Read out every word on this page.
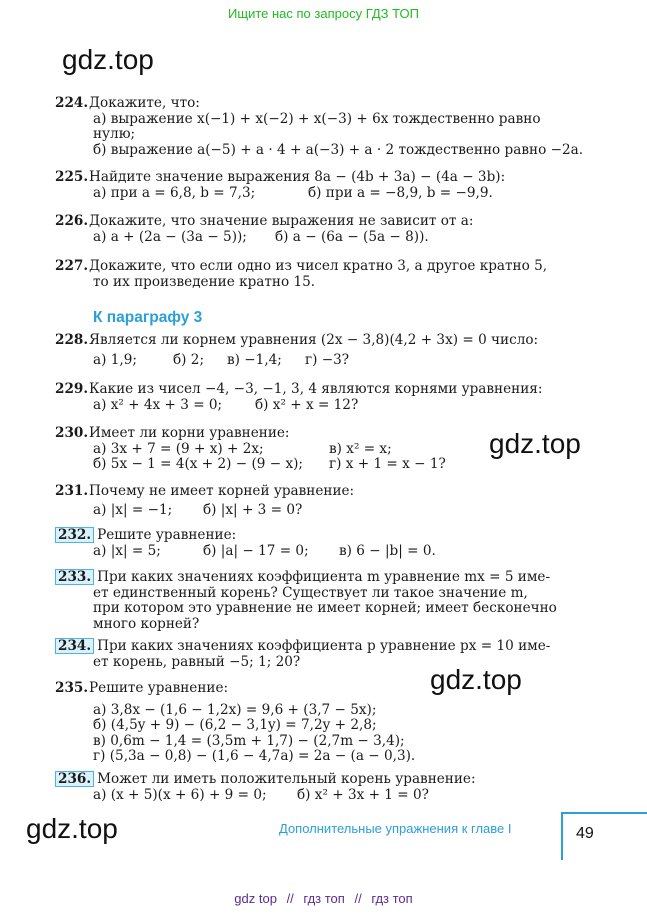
Ищите нас по запросу ГДЗ ТОП
gdz.top
gdz.top
gdz.top
gdz.top
224.Докажите, что:
а) выражение x(−1) + x(−2) + x(−3) + 6x тождественно равно
нулю;
б) выражение a(−5) + a · 4 + a(−3) + a · 2 тождественно равно −2a.
225.Найдите значение выражения 8a − (4b + 3a) − (4a − 3b):
а) при a = 6,8, b = 7,3;	б) при a = −8,9, b = −9,9.
226.Докажите, что значение выражения не зависит от a:
а) a + (2a − (3a − 5));	б) a − (6a − (5a − 8)).
227.Докажите, что если одно из чисел кратно 3, а другое кратно 5,
то их произведение кратно 15.
К параграфу 3
228.Является ли корнем уравнения (2x − 3,8)(4,2 + 3x) = 0 число:
а) 1,9;	б) 2;	в) −1,4;	г) −3?
229.Какие из чисел −4, −3, −1, 3, 4 являются корнями уравнения:
а) x² + 4x + 3 = 0;	б) x² + x = 12?
230.Имеет ли корни уравнение:
а) 3x + 7 = (9 + x) + 2x;	в) x² = x;
б) 5x − 1 = 4(x + 2) − (9 − x);	г) x + 1 = x − 1?
231.Почему не имеет корней уравнение:
а) |x| = −1;	б) |x| + 3 = 0?
232. Решите уравнение:
а) |x| = 5;	б) |a| − 17 = 0;	в) 6 − |b| = 0.
233. При каких значениях коэффициента m уравнение mx = 5 име-
ет единственный корень? Существует ли такое значение m,
при котором это уравнение не имеет корней; имеет бесконечно
много корней?
234. При каких значениях коэффициента p уравнение px = 10 име-
ет корень, равный −5; 1; 20?
235.Решите уравнение:
а) 3,8x − (1,6 − 1,2x) = 9,6 + (3,7 − 5x);
б) (4,5y + 9) − (6,2 − 3,1y) = 7,2y + 2,8;
в) 0,6m − 1,4 = (3,5m + 1,7) − (2,7m − 3,4);
г) (5,3a − 0,8) − (1,6 − 4,7a) = 2a − (a − 0,3).
236. Может ли иметь положительный корень уравнение:
а) (x + 5)(x + 6) + 9 = 0;	б) x² + 3x + 1 = 0?
Дополнительные упражнения к главе I	49
gdz top // гдз топ // гдз топ
